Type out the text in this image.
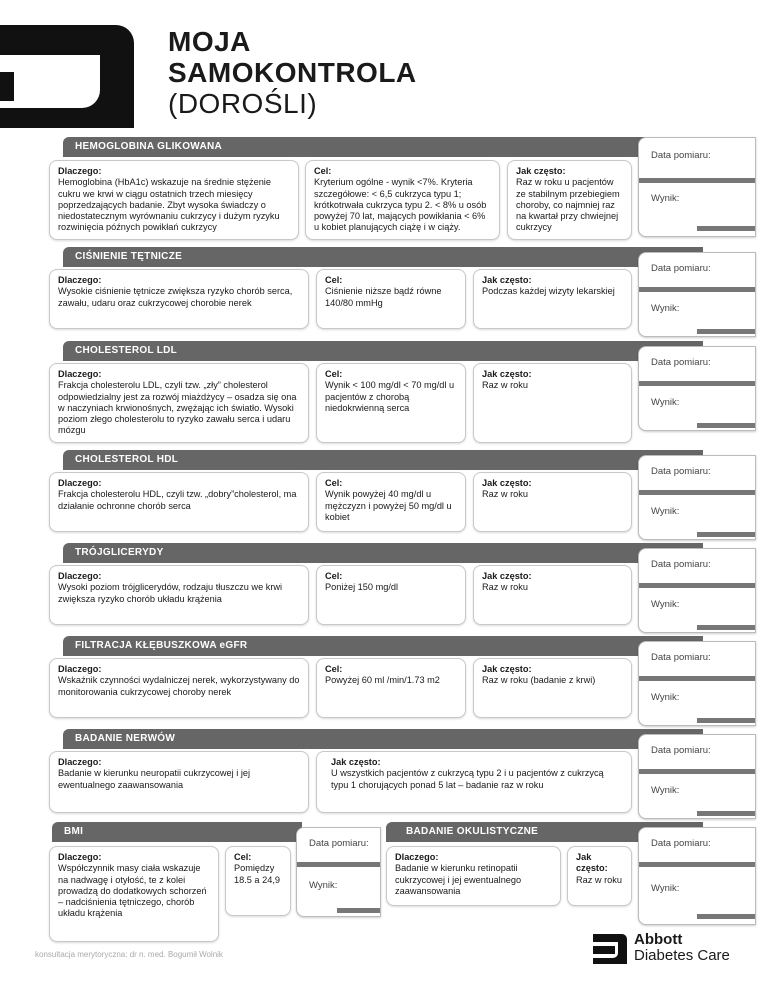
MOJA
SAMOKONTROLA
(DOROŚLI)
HEMOGLOBINA GLIKOWANA
Data pomiaru:
Wynik:
Dlaczego:
Hemoglobina (HbA1c) wskazuje na średnie stężenie cukru we krwi w ciągu ostatnich trzech miesięcy poprzedzających badanie. Zbyt wysoka świadczy o niedostatecznym wyrównaniu cukrzycy i dużym ryzyku rozwinięcia późnych powikłań cukrzycy
Cel:
Kryterium ogólne - wynik <7%. Kryteria szczegółowe: < 6,5 cukrzyca typu 1; krótkotrwała cukrzyca typu 2. < 8% u osób powyżej 70 lat, mających powikłania < 6% u kobiet planujących ciążę i w ciąży.
Jak często:
Raz w roku u pacjentów ze stabilnym przebiegiem choroby, co najmniej raz na kwartał przy chwiejnej cukrzycy
CIŚNIENIE TĘTNICZE
Data pomiaru:
Wynik:
Dlaczego:
Wysokie ciśnienie tętnicze zwiększa ryzyko chorób serca, zawału, udaru oraz cukrzycowej chorobie nerek
Cel:
Ciśnienie niższe bądź równe 140/80 mmHg
Jak często:
Podczas każdej wizyty lekarskiej
CHOLESTEROL LDL
Data pomiaru:
Wynik:
Dlaczego:
Frakcja cholesterolu LDL, czyli tzw. „zły” cholesterol odpowiedzialny jest za rozwój miażdżycy – osadza się ona w naczyniach krwionośnych, zwężając ich światło. Wysoki poziom złego cholesterolu to ryzyko zawału serca i udaru mózgu
Cel:
Wynik < 100 mg/dl < 70 mg/dl u pacjentów z chorobą niedokrwienną serca
Jak często:
Raz w roku
CHOLESTEROL HDL
Data pomiaru:
Wynik:
Dlaczego:
Frakcja cholesterolu HDL, czyli tzw. „dobry”cholesterol, ma działanie ochronne chorób serca
Cel:
Wynik powyżej 40 mg/dl u mężczyzn i powyżej 50 mg/dl u kobiet
Jak często:
Raz w roku
TRÓJGLICERYDY
Data pomiaru:
Wynik:
Dlaczego:
Wysoki poziom trójglicerydów, rodzaju tłuszczu we krwi zwiększa ryzyko chorób układu krążenia
Cel:
Poniżej 150 mg/dl
Jak często:
Raz w roku
FILTRACJA KŁĘBUSZKOWA eGFR
Data pomiaru:
Wynik:
Dlaczego:
Wskaźnik czynności wydalniczej nerek, wykorzystywany do monitorowania cukrzycowej choroby nerek
Cel:
Powyżej 60 ml /min/1.73 m2
Jak często:
Raz w roku (badanie z krwi)
BADANIE NERWÓW
Data pomiaru:
Wynik:
Dlaczego:
Badanie w kierunku neuropatii cukrzycowej i jej ewentualnego zaawansowania
Jak często:
U wszystkich pacjentów z cukrzycą typu 2 i u pacjentów z cukrzycą typu 1 chorujących ponad 5 lat – badanie raz w roku
BMI
Data pomiaru:
Wynik:
Dlaczego:
Współczynnik masy ciała wskazuje na nadwagę i otyłość, te z kolei prowadzą do dodatkowych schorzeń – nadciśnienia tętniczego, chorób układu krążenia
Cel:
Pomiędzy 18.5 a 24,9
BADANIE OKULISTYCZNE
Data pomiaru:
Wynik:
Dlaczego:
Badanie w kierunku retinopatii cukrzycowej i jej ewentualnego zaawansowania
Jak często:
Raz w roku
konsultacja merytoryczna: dr n. med. Bogumił Wolnik
Abbott
Diabetes Care
